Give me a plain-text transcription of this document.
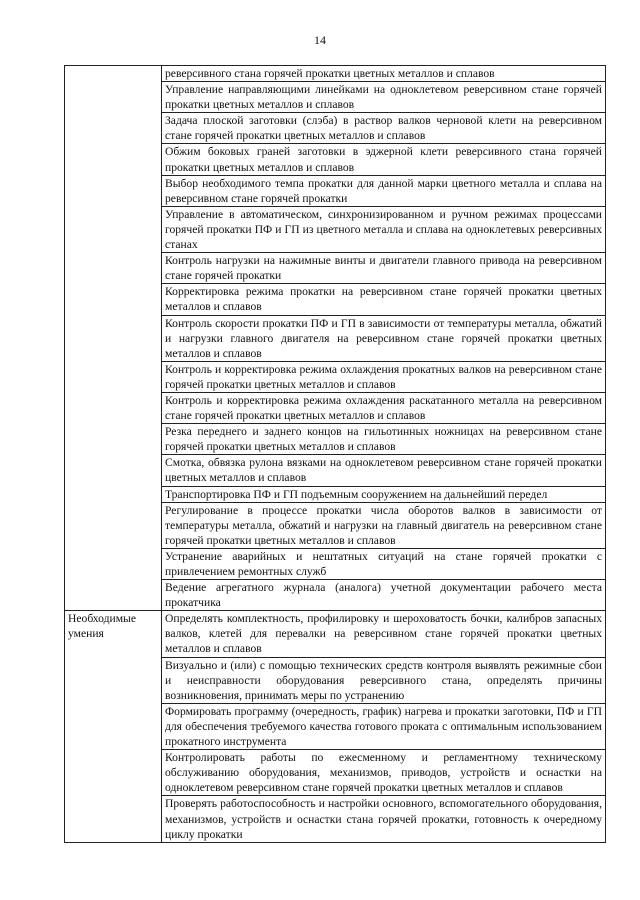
14
	реверсивного стана горячей прокатки цветных металлов и сплавов
	Управление направляющими линейками на одноклетевом реверсивном стане горячей прокатки цветных металлов и сплавов
	Задача плоской заготовки (слэба) в раствор валков черновой клети на реверсивном стане горячей прокатки цветных металлов и сплавов
	Обжим боковых граней заготовки в эджерной клети реверсивного стана горячей прокатки цветных металлов и сплавов
	Выбор необходимого темпа прокатки для данной марки цветного металла и сплава на реверсивном стане горячей прокатки
	Управление в автоматическом, синхронизированном и ручном режимах процессами горячей прокатки ПФ и ГП из цветного металла и сплава на одноклетевых реверсивных станах
	Контроль нагрузки на нажимные винты и двигатели главного привода на реверсивном стане горячей прокатки
	Корректировка режима прокатки на реверсивном стане горячей прокатки цветных металлов и сплавов
	Контроль скорости прокатки ПФ и ГП в зависимости от температуры металла, обжатий и нагрузки главного двигателя на реверсивном стане горячей прокатки цветных металлов и сплавов
	Контроль и корректировка режима охлаждения прокатных валков на реверсивном стане горячей прокатки цветных металлов и сплавов
	Контроль и корректировка режима охлаждения раскатанного металла на реверсивном стане горячей прокатки цветных металлов и сплавов
	Резка переднего и заднего концов на гильотинных ножницах на реверсивном стане горячей прокатки цветных металлов и сплавов
	Смотка, обвязка рулона вязками на одноклетевом реверсивном стане горячей прокатки цветных металлов и сплавов
	Транспортировка ПФ и ГП подъемным сооружением на дальнейший передел
	Регулирование в процессе прокатки числа оборотов валков в зависимости от температуры металла, обжатий и нагрузки на главный двигатель на реверсивном стане горячей прокатки цветных металлов и сплавов
	Устранение аварийных и нештатных ситуаций на стане горячей прокатки с привлечением ремонтных служб
	Ведение агрегатного журнала (аналога) учетной документации рабочего места прокатчика
Необходимые умения	Определять комплектность, профилировку и шероховатость бочки, калибров запасных валков, клетей для перевалки на реверсивном стане горячей прокатки цветных металлов и сплавов
	Визуально и (или) с помощью технических средств контроля выявлять режимные сбои и неисправности оборудования реверсивного стана, определять причины возникновения, принимать меры по устранению
	Формировать программу (очередность, график) нагрева и прокатки заготовки, ПФ и ГП для обеспечения требуемого качества готового проката с оптимальным использованием прокатного инструмента
	Контролировать работы по ежесменному и регламентному техническому обслуживанию оборудования, механизмов, приводов, устройств и оснастки на одноклетевом реверсивном стане горячей прокатки цветных металлов и сплавов
	Проверять работоспособность и настройки основного, вспомогательного оборудования, механизмов, устройств и оснастки стана горячей прокатки, готовность к очередному циклу прокатки
